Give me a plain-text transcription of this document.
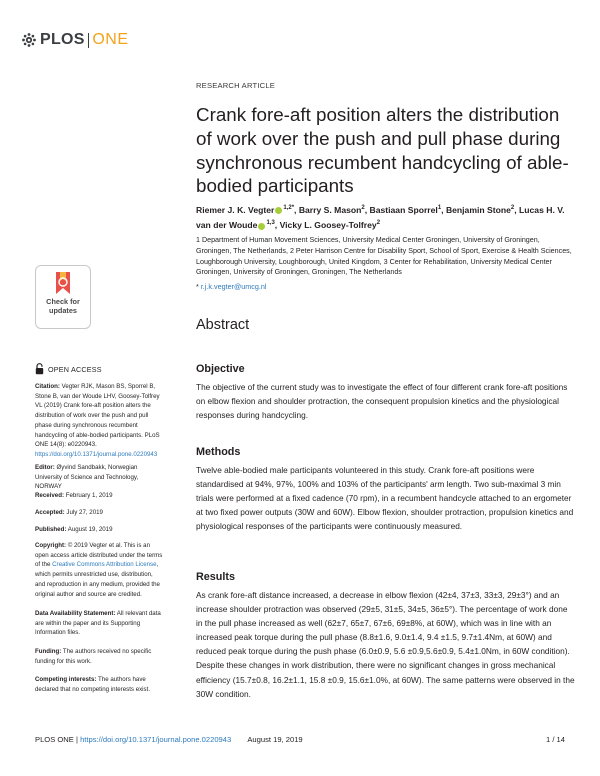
PLOS ONE
RESEARCH ARTICLE
Crank fore-aft position alters the distribution of work over the push and pull phase during synchronous recumbent handcycling of able-bodied participants
Riemer J. K. Vegter $^{1,2*}$, Barry S. Mason$^2$, Bastiaan Sporrel$^1$, Benjamin Stone$^2$, Lucas H. V. van der Woude $^{1,3}$, Vicky L. Goosey-Tolfrey$^2$
1 Department of Human Movement Sciences, University Medical Center Groningen, University of Groningen, Groningen, The Netherlands, 2 Peter Harrison Centre for Disability Sport, School of Sport, Exercise & Health Sciences, Loughborough University, Loughborough, United Kingdom, 3 Center for Rehabilitation, University Medical Center Groningen, University of Groningen, Groningen, The Netherlands
* r.j.k.vegter@umcg.nl
Abstract
Objective
The objective of the current study was to investigate the effect of four different crank fore-aft positions on elbow flexion and shoulder protraction, the consequent propulsion kinetics and the physiological responses during handcycling.
Methods
Twelve able-bodied male participants volunteered in this study. Crank fore-aft positions were standardised at 94%, 97%, 100% and 103% of the participants' arm length. Two sub-maximal 3 min trials were performed at a fixed cadence (70 rpm), in a recumbent handcycle attached to an ergometer at two fixed power outputs (30W and 60W). Elbow flexion, shoulder protraction, propulsion kinetics and physiological responses of the participants were continuously measured.
Results
As crank fore-aft distance increased, a decrease in elbow flexion (42±4, 37±3, 33±3, 29±3°) and an increase shoulder protraction was observed (29±5, 31±5, 34±5, 36±5°). The percentage of work done in the pull phase increased as well (62±7, 65±7, 67±6, 69±8%, at 60W), which was in line with an increased peak torque during the pull phase (8.8±1.6, 9.0±1.4, 9.4 ±1.5, 9.7±1.4Nm, at 60W) and reduced peak torque during the push phase (6.0±0.9, 5.6 ±0.9,5.6±0.9, 5.4±1.0Nm, in 60W condition). Despite these changes in work distribution, there were no significant changes in gross mechanical efficiency (15.7±0.8, 16.2±1.1, 15.8 ±0.9, 15.6±1.0%, at 60W). The same patterns were observed in the 30W condition.
Check for
updates
OPEN ACCESS
Citation: Vegter RJK, Mason BS, Sporrel B, Stone B, van der Woude LHV, Goosey-Tolfrey VL (2019) Crank fore-aft position alters the distribution of work over the push and pull phase during synchronous recumbent handcycling of able-bodied participants. PLoS ONE 14(8): e0220943. https://doi.org/10.1371/journal.pone.0220943
Editor: Øyvind Sandbakk, Norwegian University of Science and Technology, NORWAY
Received: February 1, 2019
Accepted: July 27, 2019
Published: August 19, 2019
Copyright: © 2019 Vegter et al. This is an open access article distributed under the terms of the Creative Commons Attribution License, which permits unrestricted use, distribution, and reproduction in any medium, provided the original author and source are credited.
Data Availability Statement: All relevant data are within the paper and its Supporting Information files.
Funding: The authors received no specific funding for this work.
Competing interests: The authors have declared that no competing interests exist.
PLOS ONE | https://doi.org/10.1371/journal.pone.0220943 August 19, 2019	1 / 14
